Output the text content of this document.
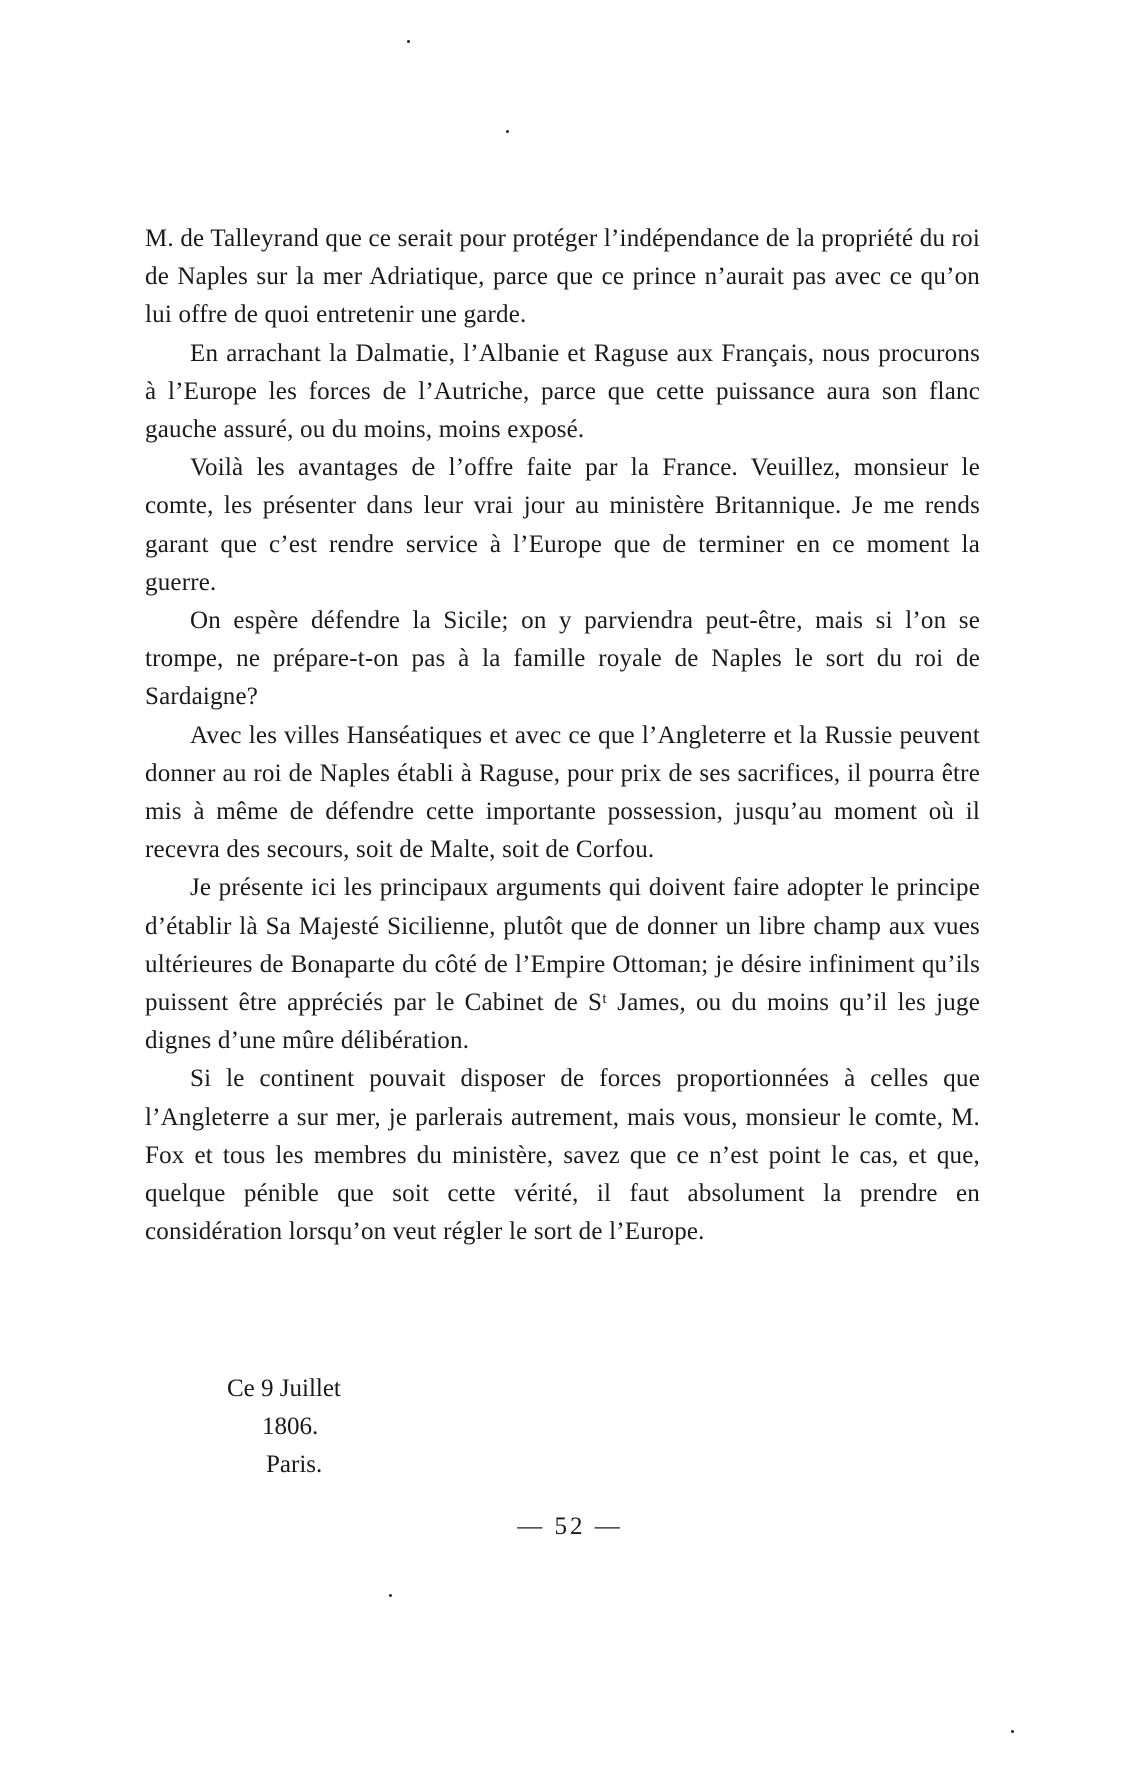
M. de Talleyrand que ce serait pour protéger l’indépendance de la propriété du roi de Naples sur la mer Adriatique, parce que ce prince n’aurait pas avec ce qu’on lui offre de quoi entretenir une garde.

En arrachant la Dalmatie, l’Albanie et Raguse aux Français, nous procurons à l’Europe les forces de l’Autriche, parce que cette puissance aura son flanc gauche assuré, ou du moins, moins exposé.

Voilà les avantages de l’offre faite par la France. Veuillez, monsieur le comte, les présenter dans leur vrai jour au ministère Britannique. Je me rends garant que c’est rendre service à l’Europe que de terminer en ce moment la guerre.

On espère défendre la Sicile; on y parviendra peut-être, mais si l’on se trompe, ne prépare-t-on pas à la famille royale de Naples le sort du roi de Sardaigne?

Avec les villes Hanséatiques et avec ce que l’Angleterre et la Russie peuvent donner au roi de Naples établi à Raguse, pour prix de ses sacrifices, il pourra être mis à même de défendre cette importante possession, jusqu’au moment où il recevra des secours, soit de Malte, soit de Corfou.

Je présente ici les principaux arguments qui doivent faire adopter le principe d’établir là Sa Majesté Sicilienne, plutôt que de donner un libre champ aux vues ultérieures de Bonaparte du côté de l’Empire Ottoman; je désire infiniment qu’ils puissent être appréciés par le Cabinet de Sᵗ James, ou du moins qu’il les juge dignes d’une mûre délibération.

Si le continent pouvait disposer de forces proportionnées à celles que l’Angleterre a sur mer, je parlerais autrement, mais vous, monsieur le comte, M. Fox et tous les membres du ministère, savez que ce n’est point le cas, et que, quelque pénible que soit cette vérité, il faut absolument la prendre en considération lorsqu’on veut régler le sort de l’Europe.

Ce 9 Juillet
1806.
Paris.
— 52 —
